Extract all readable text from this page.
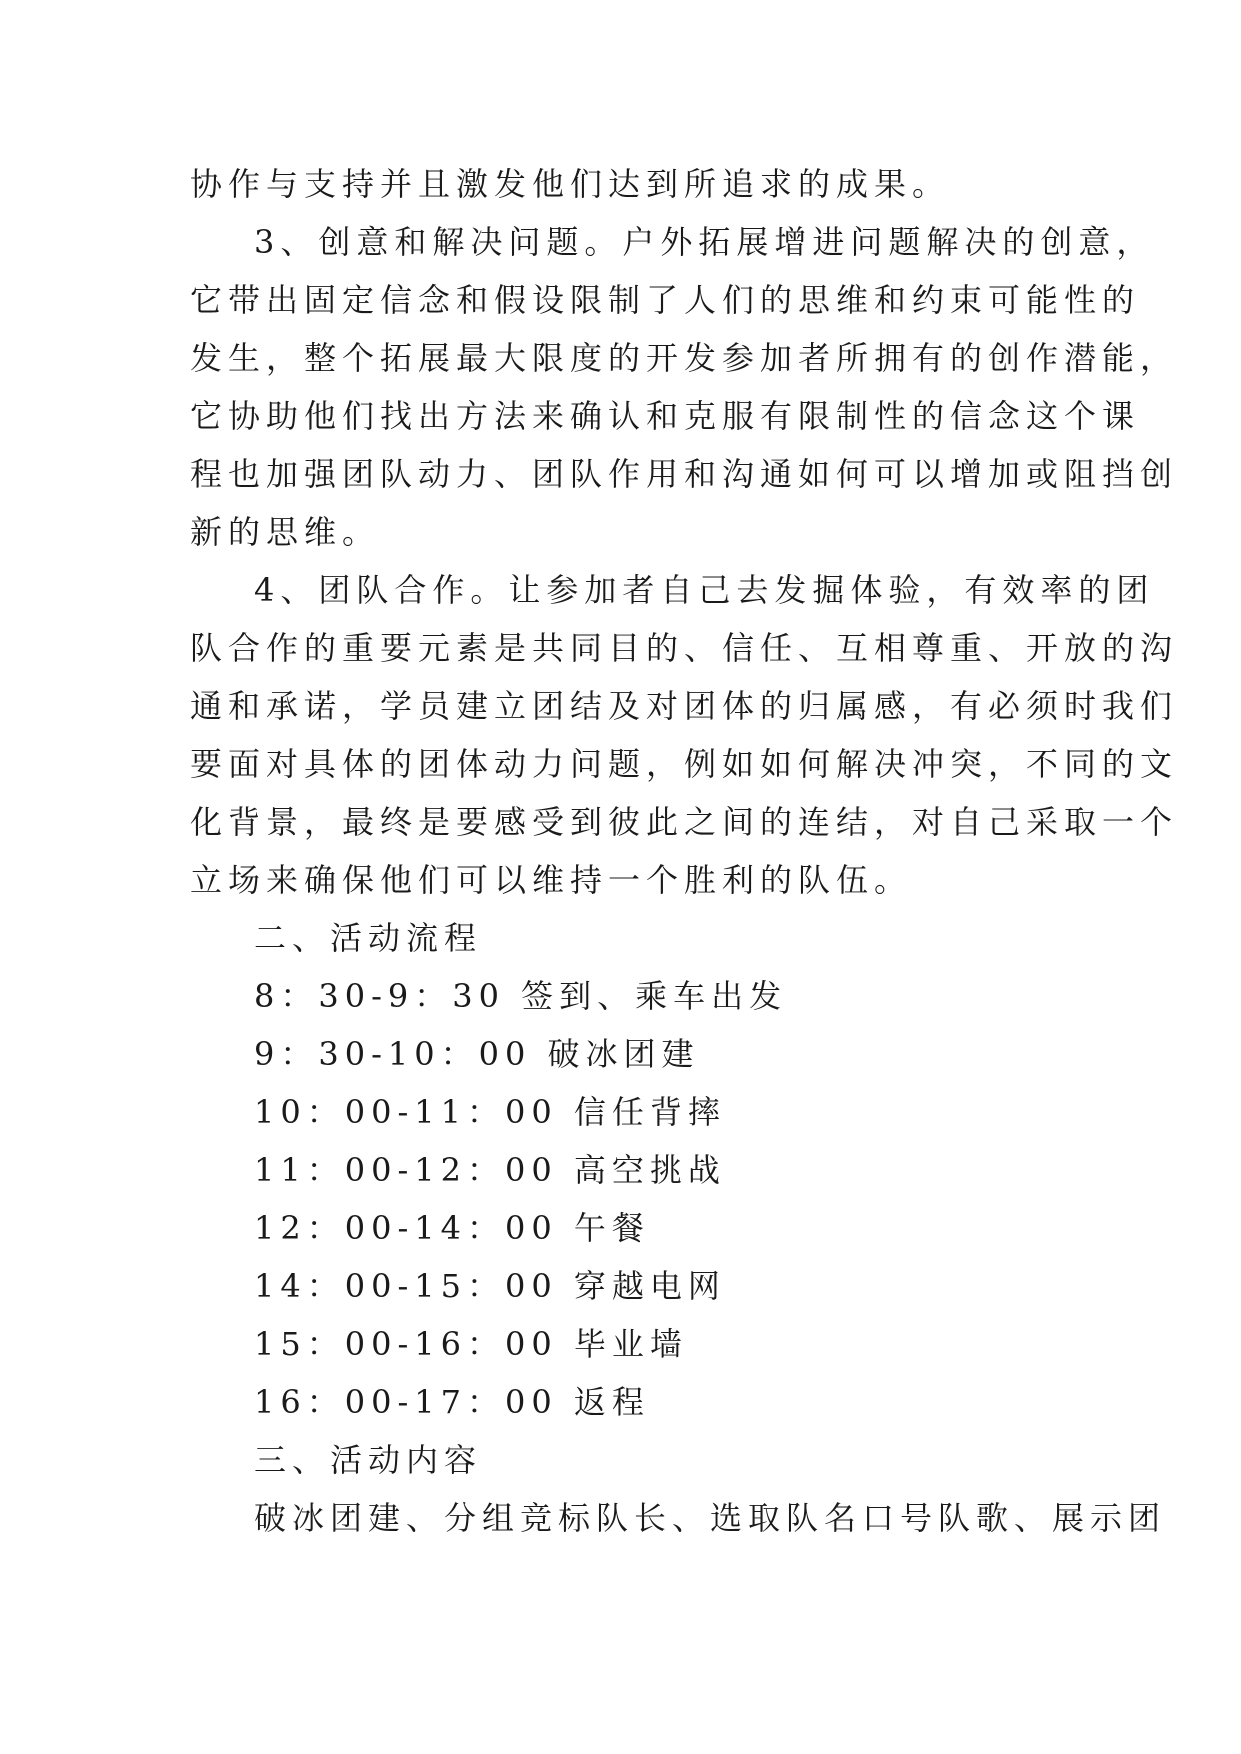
协作与支持并且激发他们达到所追求的成果。
3、创意和解决问题。户外拓展增进问题解决的创意，
它带出固定信念和假设限制了人们的思维和约束可能性的
发生，整个拓展最大限度的开发参加者所拥有的创作潜能，
它协助他们找出方法来确认和克服有限制性的信念这个课
程也加强团队动力、团队作用和沟通如何可以增加或阻挡创
新的思维。
4、团队合作。让参加者自己去发掘体验，有效率的团
队合作的重要元素是共同目的、信任、互相尊重、开放的沟
通和承诺，学员建立团结及对团体的归属感，有必须时我们
要面对具体的团体动力问题，例如如何解决冲突，不同的文
化背景，最终是要感受到彼此之间的连结，对自己采取一个
立场来确保他们可以维持一个胜利的队伍。
二、活动流程
8：30-9：30 签到、乘车出发
9：30-10：00 破冰团建
10：00-11：00 信任背摔
11：00-12：00 高空挑战
12：00-14：00 午餐
14：00-15：00 穿越电网
15：00-16：00 毕业墙
16：00-17：00 返程
三、活动内容
破冰团建、分组竞标队长、选取队名口号队歌、展示团
